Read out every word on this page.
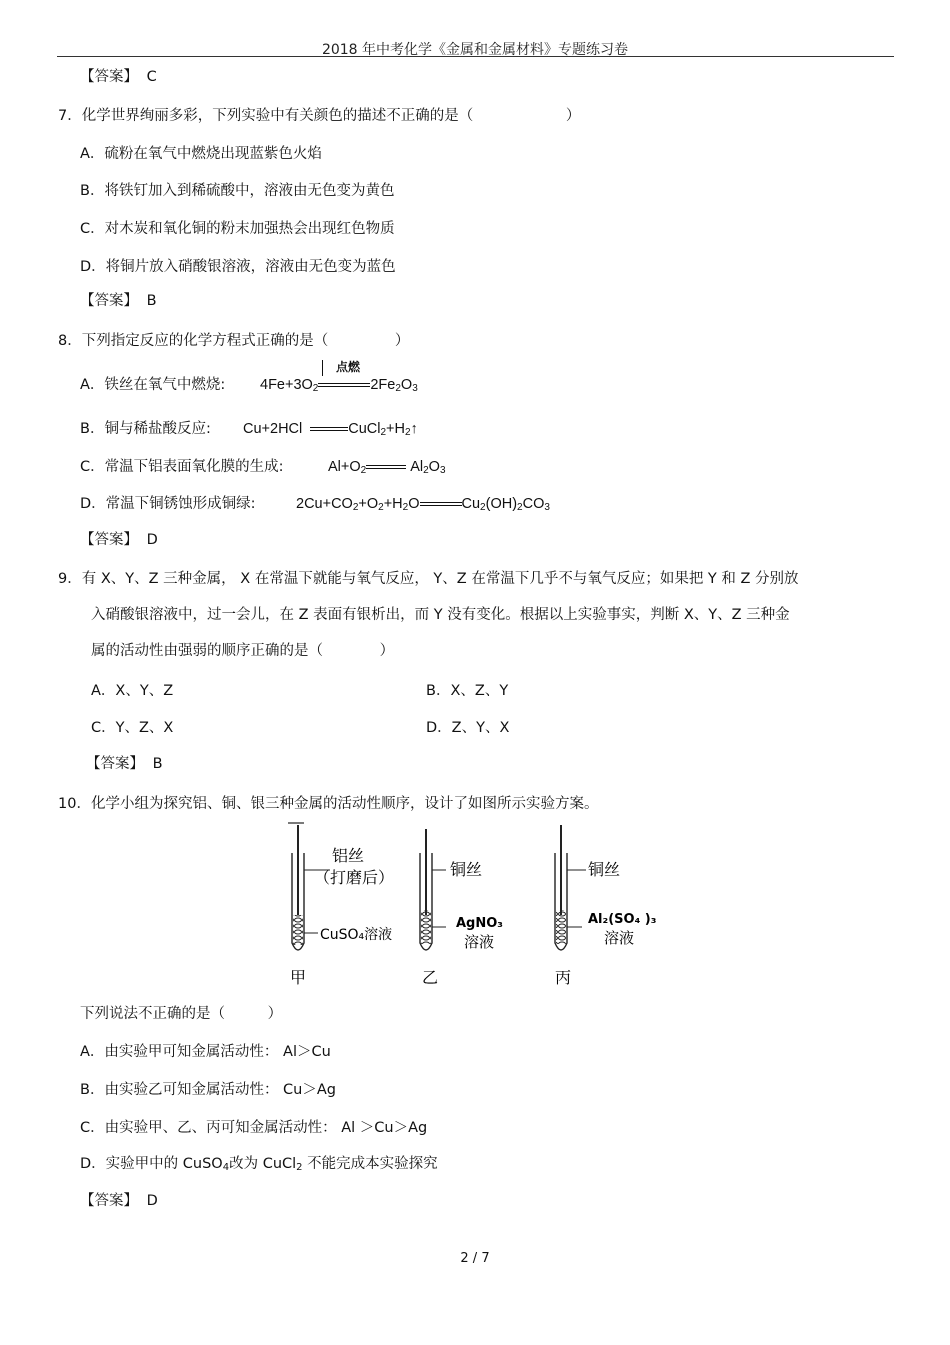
2018 年中考化学《金属和金属材料》专题练习卷
【答案】 C
7．化学世界绚丽多彩，下列实验中有关颜色的描述不正确的是（	）
A．硫粉在氧气中燃烧出现蓝紫色火焰
B．将铁钉加入到稀硫酸中，溶液由无色变为黄色
C．对木炭和氧化铜的粉末加强热会出现红色物质
D．将铜片放入硝酸银溶液，溶液由无色变为蓝色
【答案】 B
8．下列指定反应的化学方程式正确的是（	）
A．铁丝在氧气中燃烧: $4Fe+3O_2$	$2Fe_2O_3$
点燃
B．铜与稀盐酸反应: Cu+2HCl	$CuCl_2+H_2↑$
C．常温下铝表面氧化膜的生成:	$Al+O_2$	$Al_2O_3$
D．常温下铜锈蚀形成铜绿:	$2Cu+CO_2+O_2+H_2O$	$Cu_2(OH)_2CO_3$
【答案】 D
9．有 X、Y、Z 三种金属， X 在常温下就能与氧气反应， Y、Z 在常温下几乎不与氧气反应；如果把 Y 和 Z 分别放
入硝酸银溶液中，过一会儿，在 Z 表面有银析出，而 Y 没有变化。根据以上实验事实，判断 X、Y、Z 三种金
属的活动性由强弱的顺序正确的是（	）
A．X、Y、Z	B．X、Z、Y
C．Y、Z、X	D．Z、Y、X
【答案】 B
10．化学小组为探究铝、铜、银三种金属的活动性顺序，设计了如图所示实验方案。
铝丝
（打磨后）
CuSO₄溶液
甲
铜丝
AgNO₃
溶液
乙
铜丝
Al₂(SO₄ )₃
溶液
丙
下列说法不正确的是（	）
A．由实验甲可知金属活动性： Al＞Cu
B．由实验乙可知金属活动性： Cu＞Ag
C．由实验甲、乙、丙可知金属活动性： Al ＞Cu＞Ag
D．实验甲中的 CuSO$_4$改为 CuCl$_2$ 不能完成本实验探究
【答案】 D
2 / 7
